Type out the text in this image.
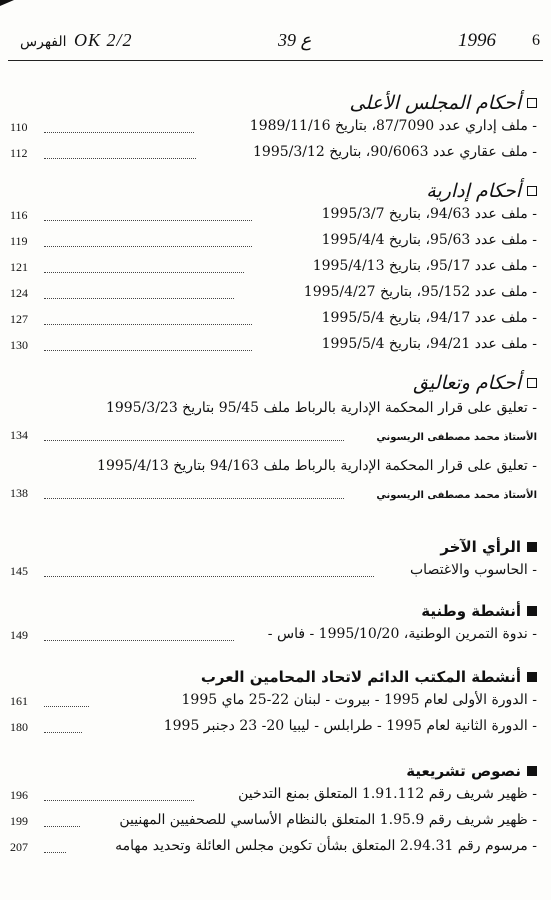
6
1996
39 ع
OK 2/2
الفهرس
أحكام المجلس الأعلى
110	- ملف إداري عدد 87/7090، بتاريخ 1989/11/16
112	- ملف عقاري عدد 90/6063، بتاريخ 1995/3/12
أحكام إدارية
116	- ملف عدد 94/63، بتاريخ 1995/3/7
119	- ملف عدد 95/63، بتاريخ 1995/4/4
121	- ملف عدد 95/17، بتاريخ 1995/4/13
124	- ملف عدد 95/152، بتاريخ 1995/4/27
127	- ملف عدد 94/17، بتاريخ 1995/5/4
130	- ملف عدد 94/21، بتاريخ 1995/5/4
أحكام وتعاليق
- تعليق على قرار المحكمة الإدارية بالرباط ملف 95/45 بتاريخ 1995/3/23
134	الأستاذ محمد مصطفى الريسوني
- تعليق على قرار المحكمة الإدارية بالرباط ملف 94/163 بتاريخ 1995/4/13
138	الأستاذ محمد مصطفى الريسوني
الرأي الآخر
145	- الحاسوب والاغتصاب
أنشطة وطنية
149	- ندوة التمرين الوطنية، 1995/10/20 - فاس -
أنشطة المكتب الدائم لاتحاد المحامين العرب
161	- الدورة الأولى لعام 1995 - بيروت - لبنان 22-25 ماي 1995
180	- الدورة الثانية لعام 1995 - طرابلس - ليبيا 20- 23 دجنبر 1995
نصوص تشريعية
196	- ظهير شريف رقم 1.91.112 المتعلق بمنع التدخين
199	- ظهير شريف رقم 1.95.9 المتعلق بالنظام الأساسي للصحفيين المهنيين
207	- مرسوم رقم 2.94.31 المتعلق بشأن تكوين مجلس العائلة وتحديد مهامه
